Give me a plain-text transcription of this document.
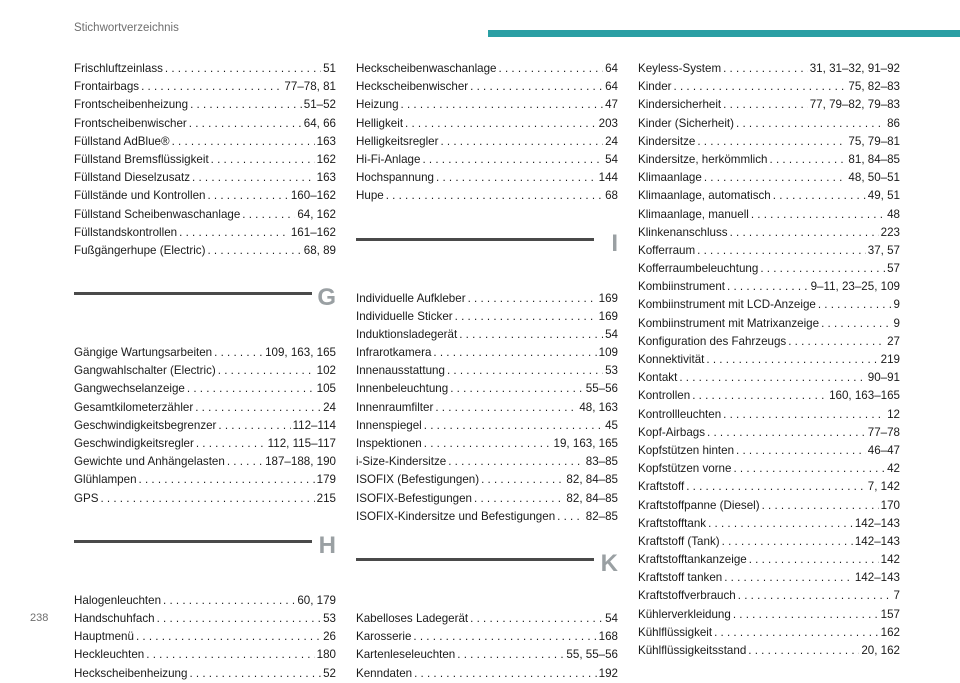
Stichwortverzeichnis
Frischluftzeinlass . . .	51
Frontairbags . . .	77–78, 81
Frontscheibenheizung . . .	51–52
Frontscheibenwischer . . .	64, 66
Füllstand AdBlue® . . .	163
Füllstand Bremsflüssigkeit . . .	162
Füllstand Dieselzusatz . . .	163
Füllstände und Kontrollen . . .	160–162
Füllstand Scheibenwaschanlage . . .	64, 162
Füllstandskontrollen . . .	161–162
Fußgängerhupe (Electric) . . .	68, 89
G
Gängige Wartungsarbeiten . . .	109, 163, 165
Gangwahlschalter (Electric) . . .	102
Gangwechselanzeige . . .	105
Gesamtkilometerzähler . . .	24
Geschwindigkeitsbegrenzer . . .	112–114
Geschwindigkeitsregler . . .	112, 115–117
Gewichte und Anhängelasten . . .	187–188, 190
Glühlampen . . .	179
GPS . . .	215
H
Halogenleuchten . . .	60, 179
Handschuhfach . . .	53
Hauptmenü . . .	26
Heckleuchten . . .	180
Heckscheibenheizung . . .	52
Heckscheibenwaschanlage . . .	64
Heckscheibenwischer . . .	64
Heizung . . .	47
Helligkeit . . .	203
Helligkeitsregler . . .	24
Hi-Fi-Anlage . . .	54
Hochspannung . . .	144
Hupe . . .	68
I
Individuelle Aufkleber . . .	169
Individuelle Sticker . . .	169
Induktionsladegerät . . .	54
Infrarotkamera . . .	109
Innenausstattung . . .	53
Innenbeleuchtung . . .	55–56
Innenraumfilter . . .	48, 163
Innenspiegel . . .	45
Inspektionen . . .	19, 163, 165
i-Size-Kindersitze . . .	83–85
ISOFIX (Befestigungen) . . .	82, 84–85
ISOFIX-Befestigungen . . .	82, 84–85
ISOFIX-Kindersitze und Befestigungen . . .	82–85
K
Kabelloses Ladegerät . . .	54
Karosserie . . .	168
Kartenleseleuchten . . .	55, 55–56
Kenndaten . . .	192
Keyless-System . . .	31, 31–32, 91–92
Kinder . . .	75, 82–83
Kindersicherheit . . .	77, 79–82, 79–83
Kinder (Sicherheit) . . .	86
Kindersitze . . .	75, 79–81
Kindersitze, herkömmlich . . .	81, 84–85
Klimaanlage . . .	48, 50–51
Klimaanlage, automatisch . . .	49, 51
Klimaanlage, manuell . . .	48
Klinkenanschluss . . .	223
Kofferraum . . .	37, 57
Kofferraumbeleuchtung . . .	57
Kombiinstrument . . .	9–11, 23–25, 109
Kombiinstrument mit LCD-Anzeige . . .	9
Kombiinstrument mit Matrixanzeige . . .	9
Konfiguration des Fahrzeugs . . .	27
Konnektivität . . .	219
Kontakt . . .	90–91
Kontrollen . . .	160, 163–165
Kontrollleuchten . . .	12
Kopf-Airbags . . .	77–78
Kopfstützen hinten . . .	46–47
Kopfstützen vorne . . .	42
Kraftstoff . . .	7, 142
Kraftstoffpanne (Diesel) . . .	170
Kraftstofftank . . .	142–143
Kraftstoff (Tank) . . .	142–143
Kraftstofftankanzeige . . .	142
Kraftstoff tanken . . .	142–143
Kraftstoffverbrauch . . .	7
Kühlerverkleidung . . .	157
Kühlflüssigkeit . . .	162
Kühlflüssigkeitsstand . . .	20, 162
238
